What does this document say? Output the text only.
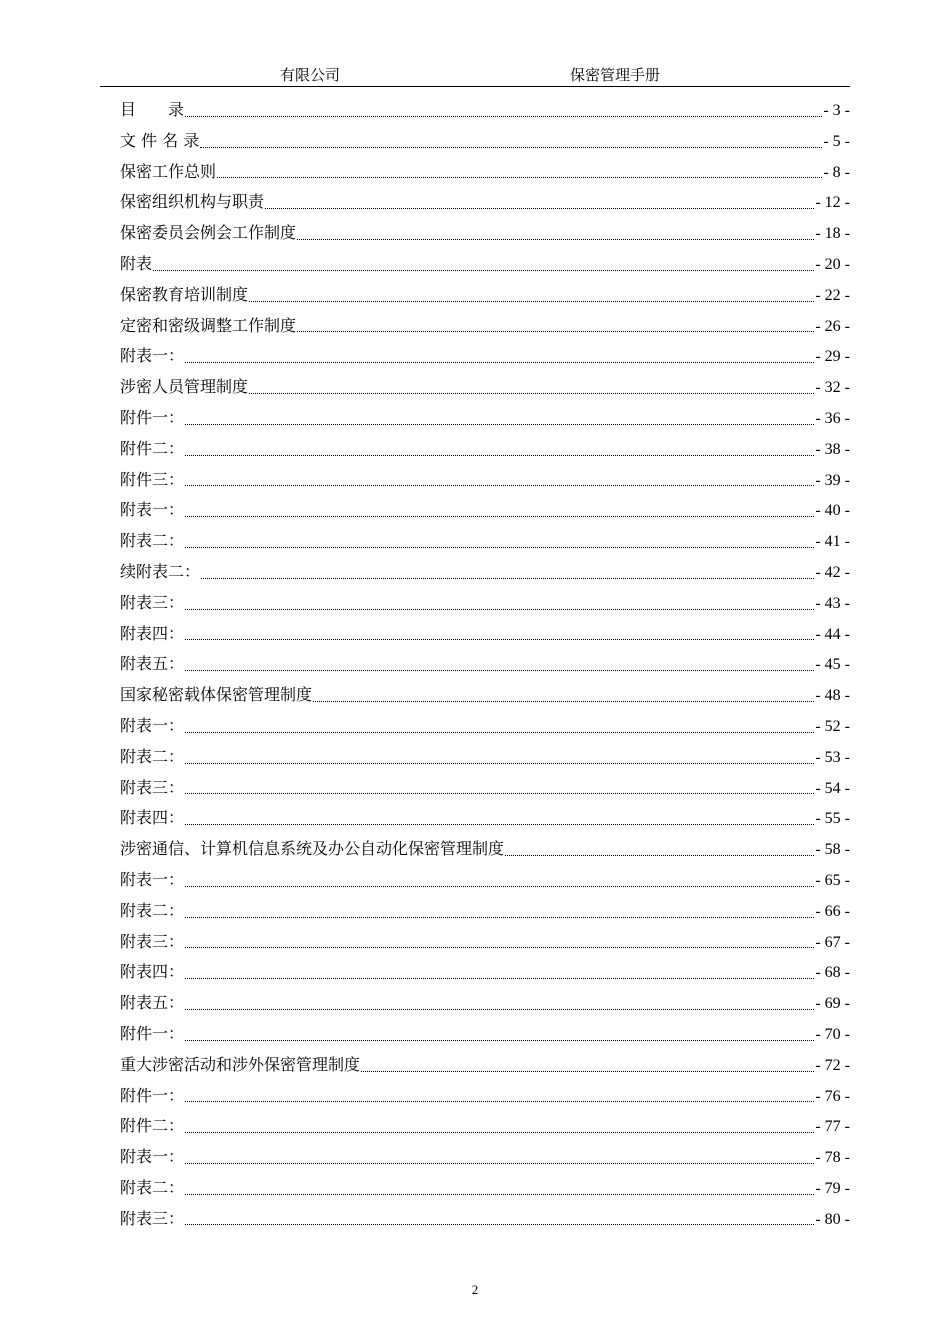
有限公司	保密管理手册
目　　录	- 3 -
文 件 名 录	- 5 -
保密工作总则	- 8 -
保密组织机构与职责	- 12 -
保密委员会例会工作制度	- 18 -
附表	- 20 -
保密教育培训制度	- 22 -
定密和密级调整工作制度	- 26 -
附表一：	- 29 -
涉密人员管理制度	- 32 -
附件一：	- 36 -
附件二：	- 38 -
附件三：	- 39 -
附表一：	- 40 -
附表二：	- 41 -
续附表二：	- 42 -
附表三：	- 43 -
附表四：	- 44 -
附表五：	- 45 -
国家秘密载体保密管理制度	- 48 -
附表一：	- 52 -
附表二：	- 53 -
附表三：	- 54 -
附表四：	- 55 -
涉密通信、计算机信息系统及办公自动化保密管理制度	- 58 -
附表一：	- 65 -
附表二：	- 66 -
附表三：	- 67 -
附表四：	- 68 -
附表五：	- 69 -
附件一：	- 70 -
重大涉密活动和涉外保密管理制度	- 72 -
附件一：	- 76 -
附件二：	- 77 -
附表一：	- 78 -
附表二：	- 79 -
附表三：	- 80 -
2
